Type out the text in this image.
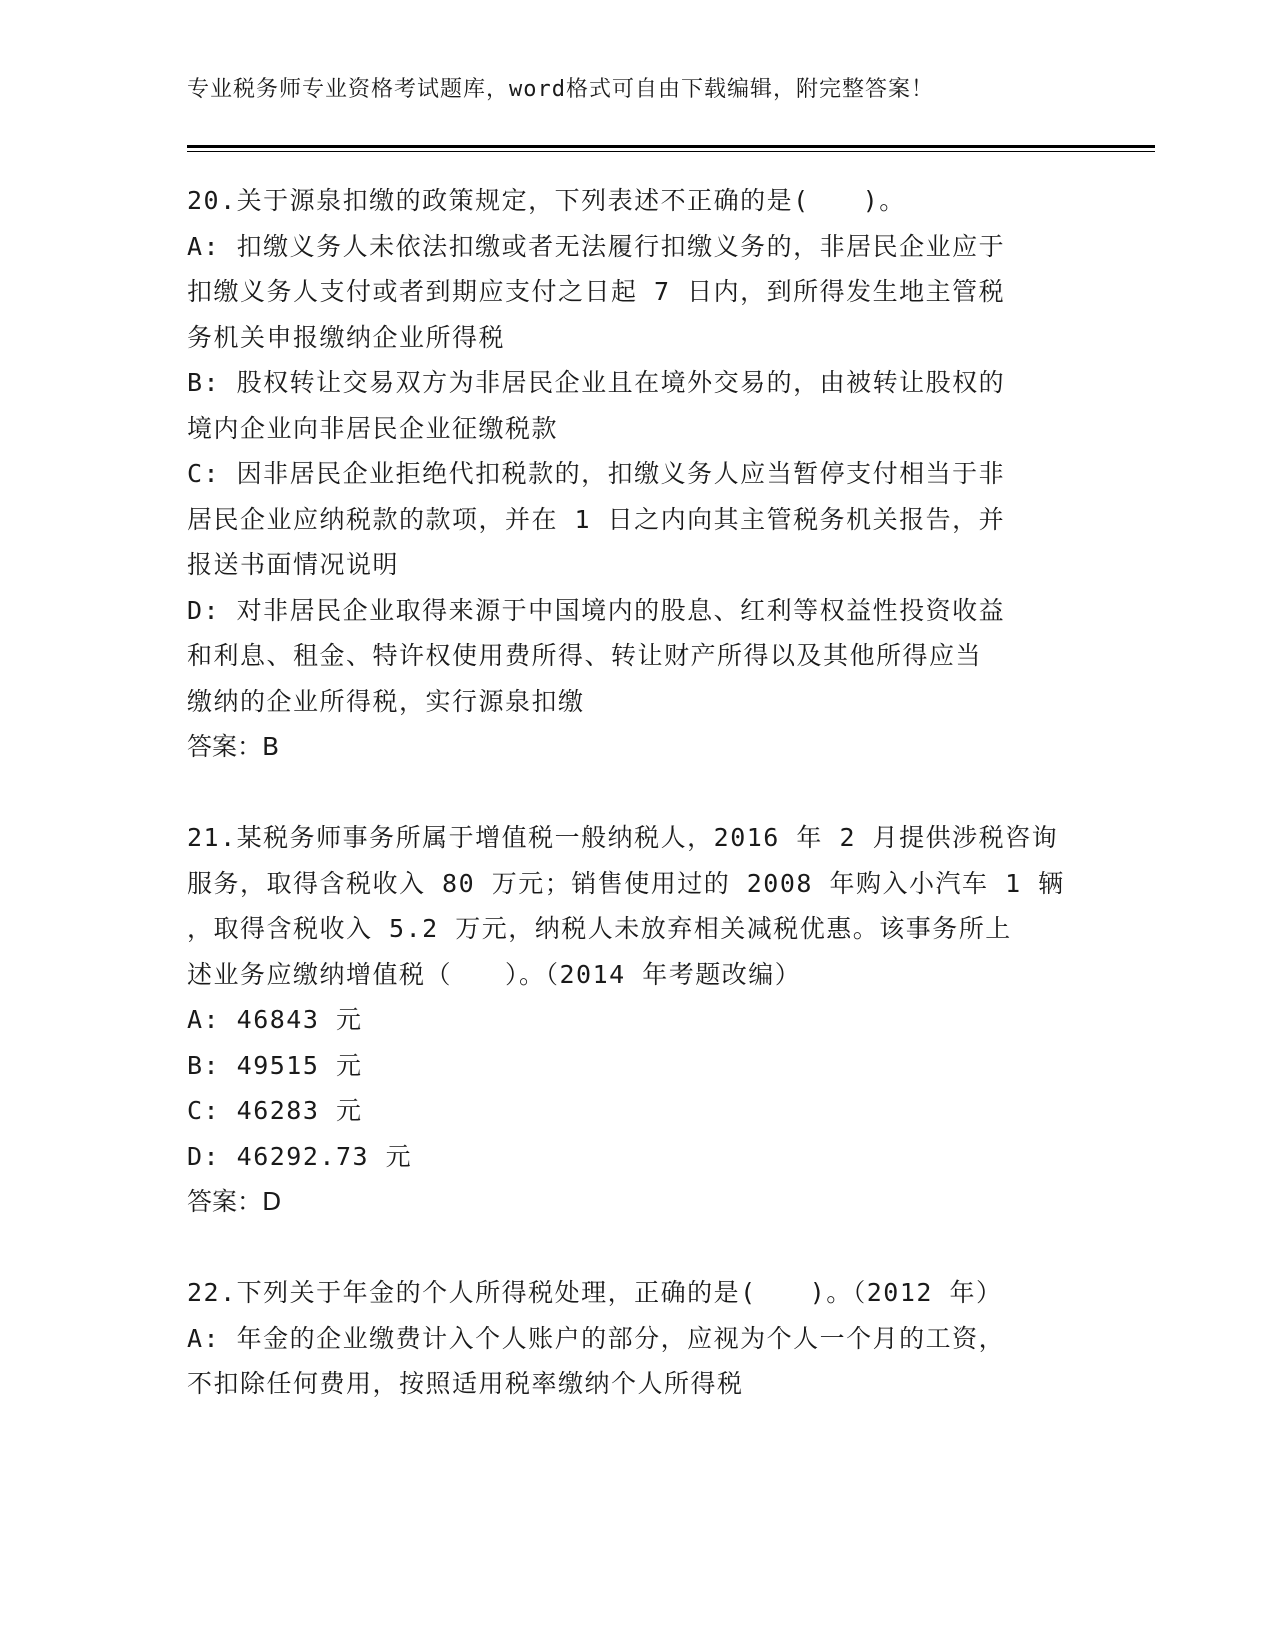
专业税务师专业资格考试题库，word格式可自由下载编辑，附完整答案！
20.关于源泉扣缴的政策规定，下列表述不正确的是(　　)。
A: 扣缴义务人未依法扣缴或者无法履行扣缴义务的，非居民企业应于
扣缴义务人支付或者到期应支付之日起 7 日内，到所得发生地主管税
务机关申报缴纳企业所得税
B: 股权转让交易双方为非居民企业且在境外交易的，由被转让股权的
境内企业向非居民企业征缴税款
C: 因非居民企业拒绝代扣税款的，扣缴义务人应当暂停支付相当于非
居民企业应纳税款的款项，并在 1 日之内向其主管税务机关报告，并
报送书面情况说明
D: 对非居民企业取得来源于中国境内的股息、红利等权益性投资收益
和利息、租金、特许权使用费所得、转让财产所得以及其他所得应当
缴纳的企业所得税，实行源泉扣缴
答案：B
21.某税务师事务所属于增值税一般纳税人，2016 年 2 月提供涉税咨询
服务，取得含税收入 80 万元；销售使用过的 2008 年购入小汽车 1 辆
，取得含税收入 5.2 万元，纳税人未放弃相关减税优惠。该事务所上
述业务应缴纳增值税（　　）。（2014 年考题改编）
A: 46843 元
B: 49515 元
C: 46283 元
D: 46292.73 元
答案：D
22.下列关于年金的个人所得税处理，正确的是(　　)。（2012 年）
A: 年金的企业缴费计入个人账户的部分，应视为个人一个月的工资，
不扣除任何费用，按照适用税率缴纳个人所得税
